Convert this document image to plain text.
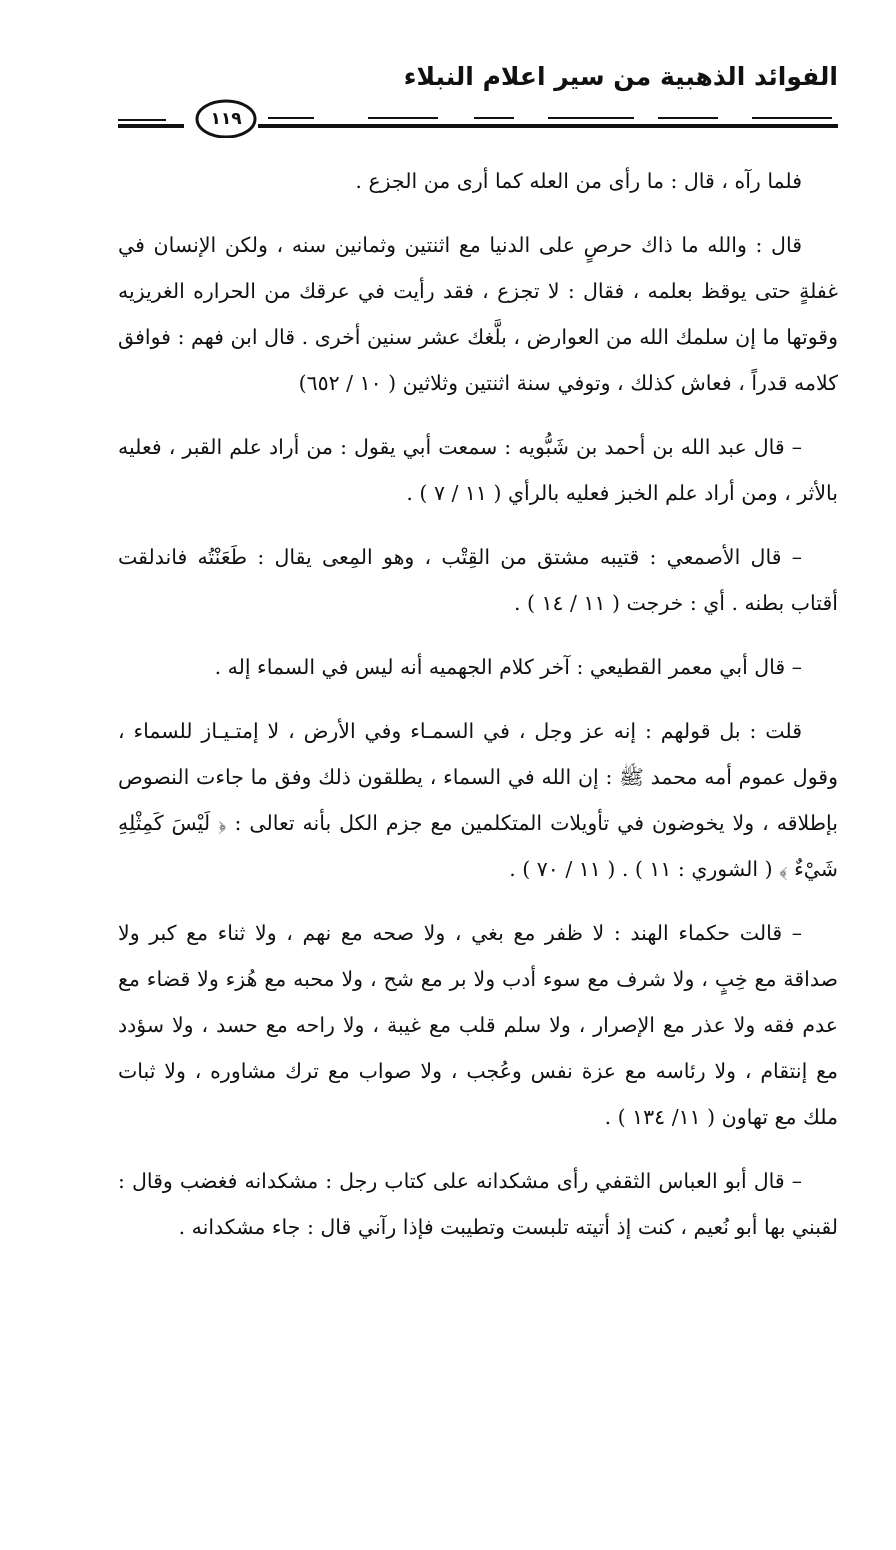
الفوائد الذهبية من سير اعلام النبلاء
١١٩

فلما رآه ، قال : ما رأى من العله كما أرى من الجزع .

قال : والله ما ذاك حرصٍ على الدنيا مع اثنتين وثمانين سنه ، ولكن الإنسان في غفلةٍ حتى يوقظ بعلمه ، فقال : لا تجزع ، فقد رأيت في عرقك من الحراره الغريزيه وقوتها ما إن سلمك الله من العوارض ، بلَّغك عشر سنين أخرى . قال ابن فهم : فوافق كلامه قدراً ، فعاش كذلك ، وتوفي سنة اثنتين وثلاثين ( ١٠ / ٦٥٢)

– قال عبد الله بن أحمد بن شَبُّويه : سمعت أبي يقول : من أراد علم القبر ، فعليه بالأثر ، ومن أراد علم الخبز فعليه بالرأي ( ١١ / ٧ ) .

– قال الأصمعي : قتيبه مشتق من القِتْب ، وهو المِعى يقال : طَعَنْتُه فاندلقت أقتاب بطنه . أي : خرجت ( ١١ / ١٤ ) .

– قال أبي معمر القطيعي : آخر كلام الجهميه أنه ليس في السماء إله .

قلت : بل قولهم : إنه عز وجل ، في السمـاء وفي الأرض ، لا إمتـيـاز للسماء ، وقول عموم أمه محمد ﷺ : إن الله في السماء ، يطلقون ذلك وفق ما جاءت النصوص بإطلاقه ، ولا يخوضون في تأويلات المتكلمين مع جزم الكل بأنه تعالى : ﴿ لَيْسَ كَمِثْلِهِ شَيْءٌ ﴾ ( الشوري : ١١ ) . ( ١١ / ٧٠ ) .

– قالت حكماء الهند : لا ظفر مع بغي ، ولا صحه مع نهم ، ولا ثناء مع كبر ولا صداقة مع خِبٍ ، ولا شرف مع سوء أدب ولا بر مع شح ، ولا محبه مع هُزء ولا قضاء مع عدم فقه ولا عذر مع الإصرار ، ولا سلم قلب مع غيبة ، ولا راحه مع حسد ، ولا سؤدد مع إنتقام ، ولا رئاسه مع عزة نفس وعُجب ، ولا صواب مع ترك مشاوره ، ولا ثبات ملك مع تهاون ( ١١/ ١٣٤ ) .

– قال أبو العباس الثقفي رأى مشكدانه على كتاب رجل : مشكدانه فغضب وقال : لقبني بها أبو نُعيم ، كنت إذ أتيته تلبست وتطيبت فإذا رآني قال : جاء مشكدانه .
